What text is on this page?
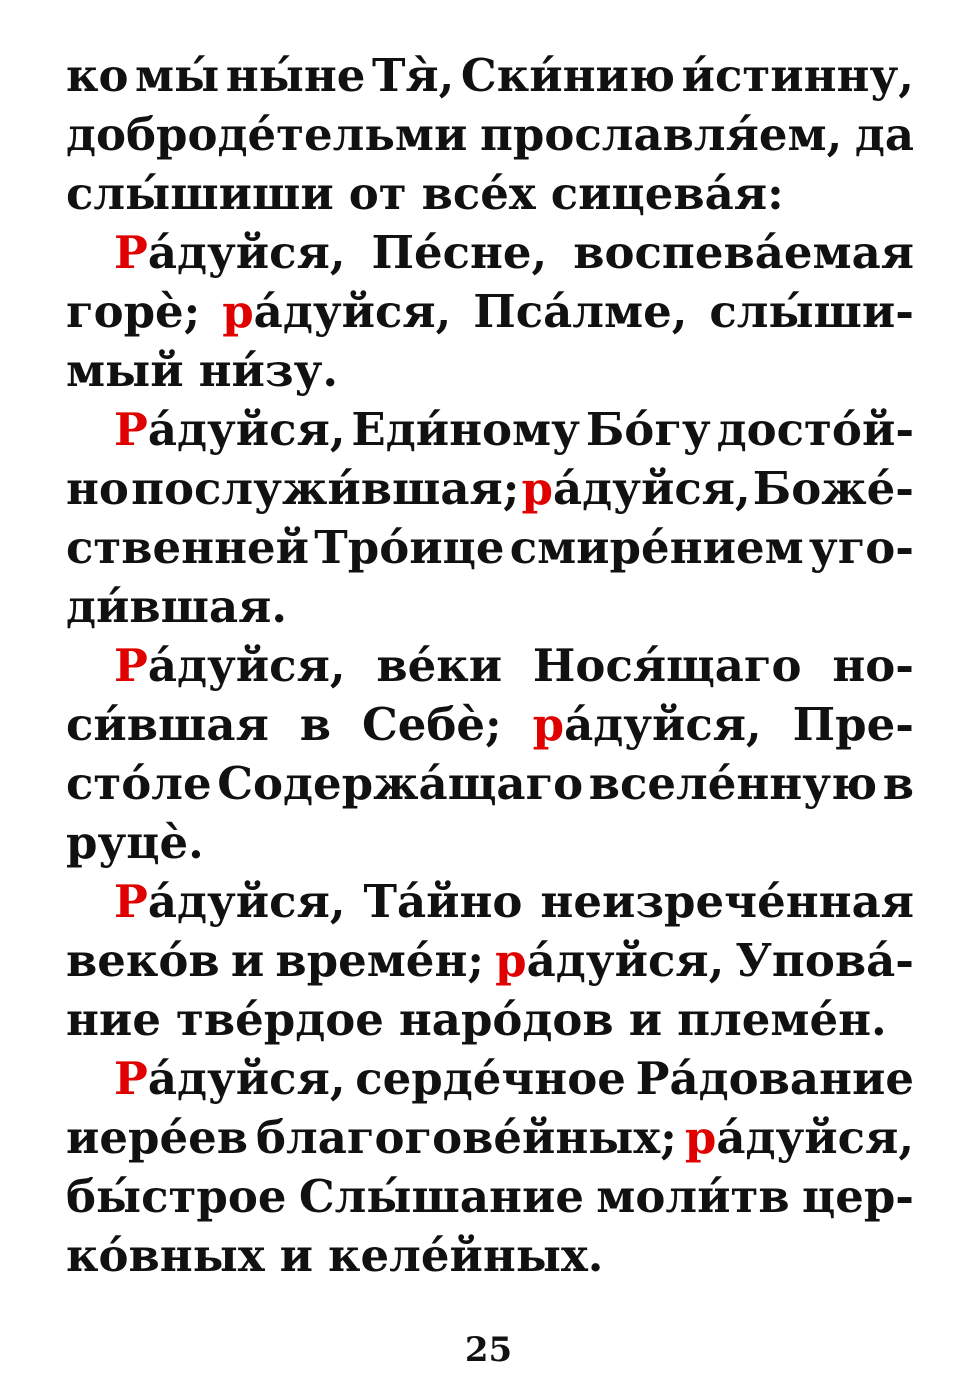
ко мы́ ны́не Тя̀, Ски́нию и́стинну,
доброде́тельми прославля́ем, да
слы́шиши от все́х сицева́я:
Ра́дуйся, Пе́сне, воспева́емая
горѐ; ра́дуйся, Пса́лме, слы́ши-
мый ни́зу.
Ра́дуйся, Еди́ному Бо́гу досто́й-
но послужи́вшая; ра́дуйся, Боже́-
ственней Тро́ице смире́нием уго-
ди́вшая.
Ра́дуйся, ве́ки Нося́щаго но-
си́вшая в Себѐ; ра́дуйся, Пре-
сто́ле Содержа́щаго вселе́нную в
руцѐ.
Ра́дуйся, Та́йно неизрече́нная
веко́в и време́н; ра́дуйся, Упова́-
ние тве́рдое наро́дов и племе́н.
Ра́дуйся, серде́чное Ра́дование
иере́ев благогове́йных; ра́дуйся,
бы́строе Слы́шание моли́тв цер-
ко́вных и келе́йных.
25
